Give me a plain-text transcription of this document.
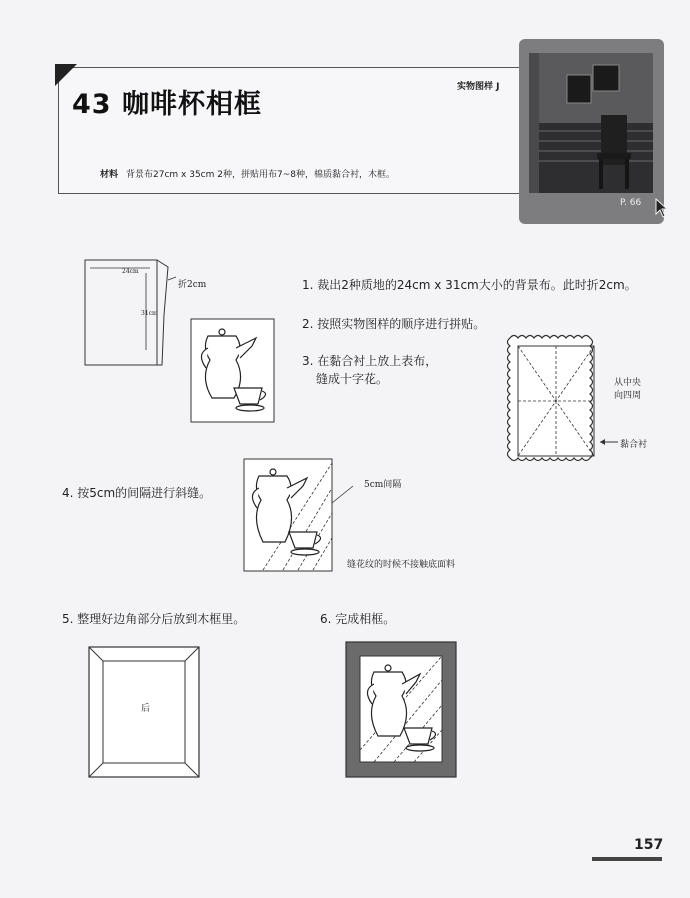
43 咖啡杯相框
实物图样 J
材料 背景布27cm x 35cm 2种，拼贴用布7~8种，棉质黏合衬，木框。
P. 66
24cm
31cm
折2cm	1. 裁出2种质地的24cm x 31cm大小的背景布。此时折2cm。
2. 按照实物图样的顺序进行拼贴。
3. 在黏合衬上放上表布，
缝成十字花。	从中央
向四周
黏合衬
4. 按5cm的间隔进行斜缝。
5cm间隔
缝花纹的时候不接触底面料
5. 整理好边角部分后放到木框里。	6. 完成相框。
后
157
